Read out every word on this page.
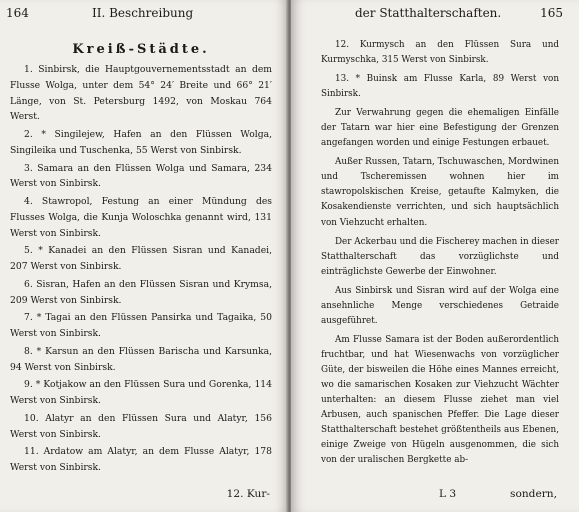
164	II. Beschreibung
Kreiß-Städte.

1. Sinbirsk, die Hauptgouvernementsstadt an dem Flusse Wolga, unter dem 54° 24′ Breite und 66° 21′ Länge, von St. Petersburg 1492, von Moskau 764 Werst.

2. * Singilejew, Hafen an den Flüssen Wolga, Singileika und Tuschenka, 55 Werst von Sinbirsk.

3. Samara an den Flüssen Wolga und Samara, 234 Werst von Sinbirsk.

4. Stawropol, Festung an einer Mündung des Flusses Wolga, die Kunja Woloschka genannt wird, 131 Werst von Sinbirsk.

5. * Kanadei an den Flüssen Sisran und Kanadei, 207 Werst von Sinbirsk.

6. Sisran, Hafen an den Flüssen Sisran und Krymsa, 209 Werst von Sinbirsk.

7. * Tagai an den Flüssen Pansirka und Tagaika, 50 Werst von Sinbirsk.

8. * Karsun an den Flüssen Barischa und Karsunka, 94 Werst von Sinbirsk.

9. * Kotjakow an den Flüssen Sura und Gorenka, 114 Werst von Sinbirsk.

10. Alatyr an den Flüssen Sura und Alatyr, 156 Werst von Sinbirsk.

11. Ardatow am Alatyr, an dem Flusse Alatyr, 178 Werst von Sinbirsk.

12. Kur-
der Statthalterschaften.	165

12. Kurmysch an den Flüssen Sura und Kurmyschka, 315 Werst von Sinbirsk.

13. * Buinsk am Flusse Karla, 89 Werst von Sinbirsk.

Zur Verwahrung gegen die ehemaligen Einfälle der Tatarn war hier eine Befestigung der Grenzen angefangen worden und einige Festungen erbauet.

Außer Russen, Tatarn, Tschuwaschen, Mordwinen und Tscheremissen wohnen hier im stawropolskischen Kreise, getaufte Kalmyken, die Kosakendienste verrichten, und sich hauptsächlich von Viehzucht erhalten.

Der Ackerbau und die Fischerey machen in dieser Statthalterschaft das vorzüglichste und einträglichste Gewerbe der Einwohner.

Aus Sinbirsk und Sisran wird auf der Wolga eine ansehnliche Menge verschiedenes Getraide ausgeführet.

Am Flusse Samara ist der Boden außerordentlich fruchtbar, und hat Wiesenwachs von vorzüglicher Güte, der bisweilen die Höhe eines Mannes erreicht, wo die samarischen Kosaken zur Viehzucht Wächter unterhalten: an diesem Flusse ziehet man viel Arbusen, auch spanischen Pfeffer. Die Lage dieser Statthalterschaft bestehet größtentheils aus Ebenen, einige Zweige von Hügeln ausgenommen, die sich von der uralischen Bergkette ab-

L 3	sondern,
